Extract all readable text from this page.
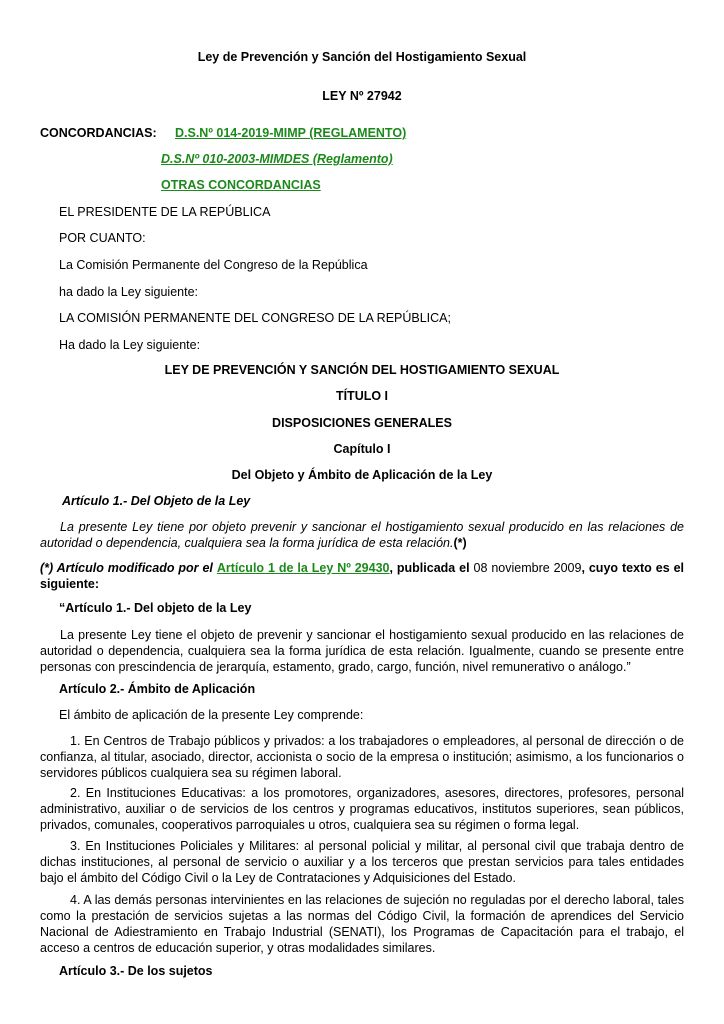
Ley de Prevención y Sanción del Hostigamiento Sexual
LEY Nº 27942
CONCORDANCIAS: D.S.Nº 014-2019-MIMP (REGLAMENTO)
D.S.Nº 010-2003-MIMDES (Reglamento)
OTRAS CONCORDANCIAS
EL PRESIDENTE DE LA REPÚBLICA
POR CUANTO:
La Comisión Permanente del Congreso de la República
ha dado la Ley siguiente:
LA COMISIÓN PERMANENTE DEL CONGRESO DE LA REPÚBLICA;
Ha dado la Ley siguiente:
LEY DE PREVENCIÓN Y SANCIÓN DEL HOSTIGAMIENTO SEXUAL
TÍTULO I
DISPOSICIONES GENERALES
Capítulo I
Del Objeto y Ámbito de Aplicación de la Ley
Artículo 1.- Del Objeto de la Ley
La presente Ley tiene por objeto prevenir y sancionar el hostigamiento sexual producido en las relaciones de autoridad o dependencia, cualquiera sea la forma jurídica de esta relación.(*)
(*) Artículo modificado por el Artículo 1 de la Ley Nº 29430, publicada el 08 noviembre 2009, cuyo texto es el siguiente:
“Artículo 1.- Del objeto de la Ley
La presente Ley tiene el objeto de prevenir y sancionar el hostigamiento sexual producido en las relaciones de autoridad o dependencia, cualquiera sea la forma jurídica de esta relación. Igualmente, cuando se presente entre personas con prescindencia de jerarquía, estamento, grado, cargo, función, nivel remunerativo o análogo.”
Artículo 2.- Ámbito de Aplicación
El ámbito de aplicación de la presente Ley comprende:
1. En Centros de Trabajo públicos y privados: a los trabajadores o empleadores, al personal de dirección o de confianza, al titular, asociado, director, accionista o socio de la empresa o institución; asimismo, a los funcionarios o servidores públicos cualquiera sea su régimen laboral.
2. En Instituciones Educativas: a los promotores, organizadores, asesores, directores, profesores, personal administrativo, auxiliar o de servicios de los centros y programas educativos, institutos superiores, sean públicos, privados, comunales, cooperativos parroquiales u otros, cualquiera sea su régimen o forma legal.
3. En Instituciones Policiales y Militares: al personal policial y militar, al personal civil que trabaja dentro de dichas instituciones, al personal de servicio o auxiliar y a los terceros que prestan servicios para tales entidades bajo el ámbito del Código Civil o la Ley de Contrataciones y Adquisiciones del Estado.
4. A las demás personas intervinientes en las relaciones de sujeción no reguladas por el derecho laboral, tales como la prestación de servicios sujetas a las normas del Código Civil, la formación de aprendices del Servicio Nacional de Adiestramiento en Trabajo Industrial (SENATI), los Programas de Capacitación para el trabajo, el acceso a centros de educación superior, y otras modalidades similares.
Artículo 3.- De los sujetos
